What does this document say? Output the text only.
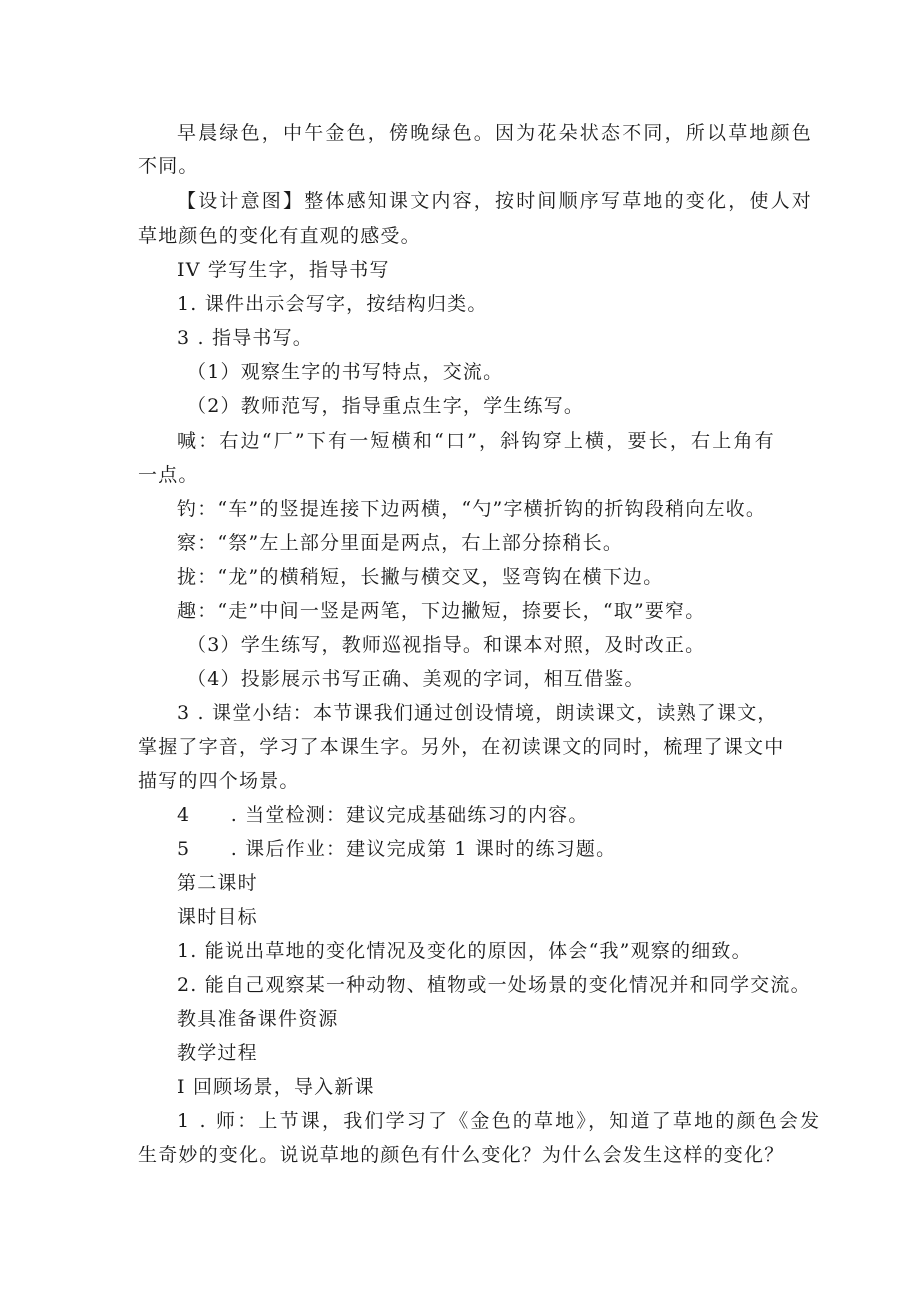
早晨绿色，中午金色，傍晚绿色。因为花朵状态不同，所以草地颜色
不同。
【设计意图】整体感知课文内容，按时间顺序写草地的变化，使人对
草地颜色的变化有直观的感受。
IV 学写生字，指导书写
1. 课件出示会写字，按结构归类。
3 . 指导书写。
（1）观察生字的书写特点，交流。
（2）教师范写，指导重点生字，学生练写。
喊：右边“厂”下有一短横和“口”，斜钩穿上横，要长，右上角有
一点。
钓：“车”的竖提连接下边两横，“勺”字横折钩的折钩段稍向左收。
察：“祭”左上部分里面是两点，右上部分捺稍长。
拢：“龙”的横稍短，长撇与横交叉，竖弯钩在横下边。
趣：“走”中间一竖是两笔，下边撇短，捺要长，“取”要窄。
（3）学生练写，教师巡视指导。和课本对照，及时改正。
（4）投影展示书写正确、美观的字词，相互借鉴。
3 . 课堂小结：本节课我们通过创设情境，朗读课文，读熟了课文，
掌握了字音，学习了本课生字。另外，在初读课文的同时，梳理了课文中
描写的四个场景。
4　　. 当堂检测：建议完成基础练习的内容。
5　　. 课后作业：建议完成第 1 课时的练习题。
第二课时
课时目标
1. 能说出草地的变化情况及变化的原因，体会“我”观察的细致。
2. 能自己观察某一种动物、植物或一处场景的变化情况并和同学交流。
教具准备课件资源
教学过程
Ⅰ 回顾场景，导入新课
1 . 师：上节课，我们学习了《金色的草地》，知道了草地的颜色会发
生奇妙的变化。说说草地的颜色有什么变化？为什么会发生这样的变化？
